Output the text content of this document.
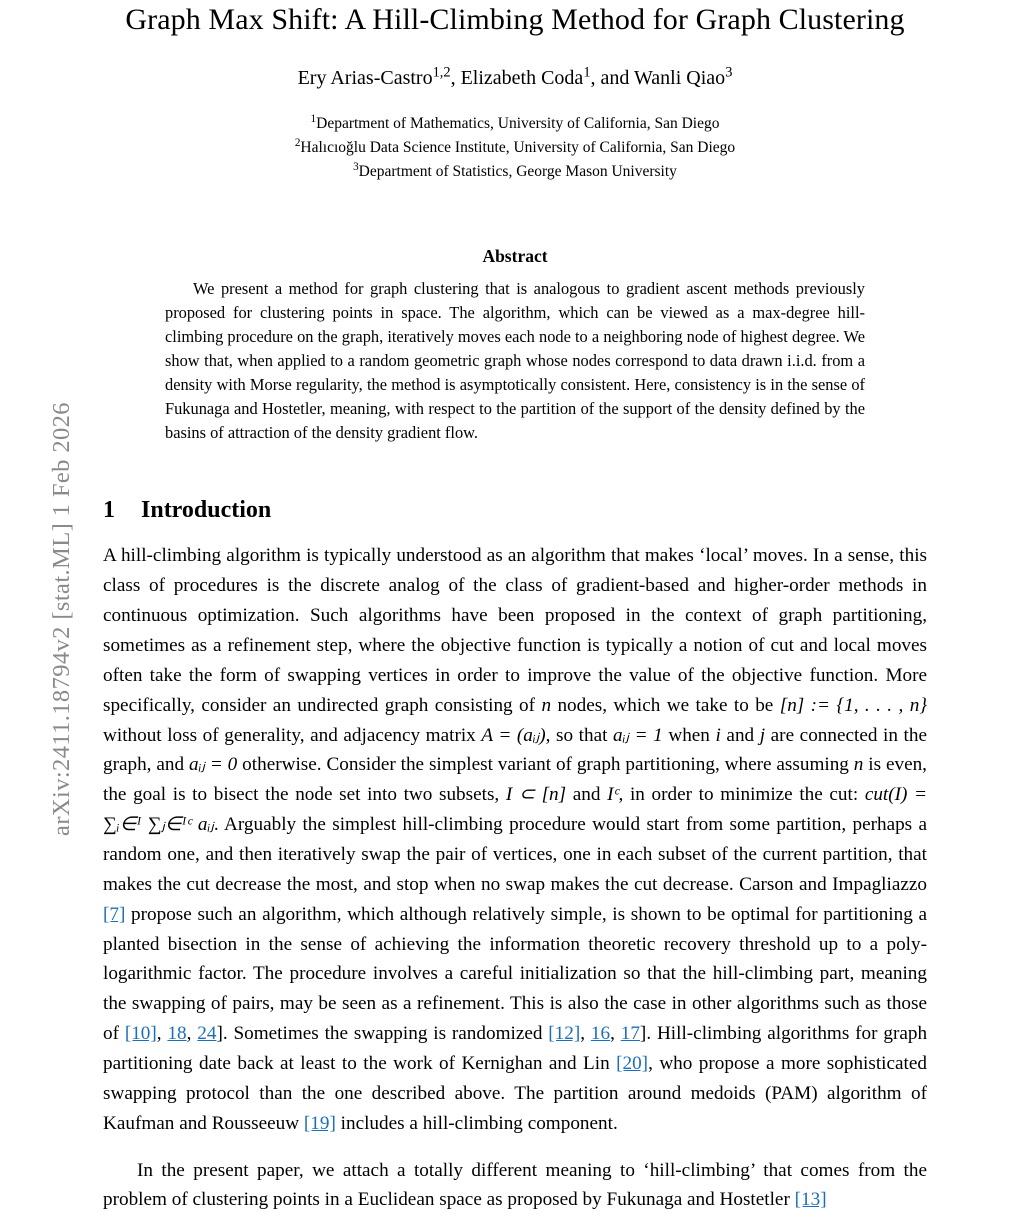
arXiv:2411.18794v2 [stat.ML] 1 Feb 2026
Graph Max Shift: A Hill-Climbing Method for Graph Clustering
Ery Arias-Castro$^{1,2}$, Elizabeth Coda$^1$, and Wanli Qiao$^3$
$^1$Department of Mathematics, University of California, San Diego
$^2$Halıcıoğlu Data Science Institute, University of California, San Diego
$^3$Department of Statistics, George Mason University
Abstract
We present a method for graph clustering that is analogous to gradient ascent methods previously proposed for clustering points in space. The algorithm, which can be viewed as a max-degree hill-climbing procedure on the graph, iteratively moves each node to a neighboring node of highest degree. We show that, when applied to a random geometric graph whose nodes correspond to data drawn i.i.d. from a density with Morse regularity, the method is asymptotically consistent. Here, consistency is in the sense of Fukunaga and Hostetler, meaning, with respect to the partition of the support of the density defined by the basins of attraction of the density gradient flow.
1 Introduction
A hill-climbing algorithm is typically understood as an algorithm that makes ‘local’ moves. In a sense, this class of procedures is the discrete analog of the class of gradient-based and higher-order methods in continuous optimization. Such algorithms have been proposed in the context of graph partitioning, sometimes as a refinement step, where the objective function is typically a notion of cut and local moves often take the form of swapping vertices in order to improve the value of the objective function. More specifically, consider an undirected graph consisting of n nodes, which we take to be [n] := {1, . . . , n} without loss of generality, and adjacency matrix A = (aᵢⱼ), so that aᵢⱼ = 1 when i and j are connected in the graph, and aᵢⱼ = 0 otherwise. Consider the simplest variant of graph partitioning, where assuming n is even, the goal is to bisect the node set into two subsets, I ⊂ [n] and Iᶜ, in order to minimize the cut: cut(I) = ∑ᵢ∈ᴵ ∑ⱼ∈ᴵᶜ aᵢⱼ. Arguably the simplest hill-climbing procedure would start from some partition, perhaps a random one, and then iteratively swap the pair of vertices, one in each subset of the current partition, that makes the cut decrease the most, and stop when no swap makes the cut decrease. Carson and Impagliazzo [7] propose such an algorithm, which although relatively simple, is shown to be optimal for partitioning a planted bisection in the sense of achieving the information theoretic recovery threshold up to a poly-logarithmic factor. The procedure involves a careful initialization so that the hill-climbing part, meaning the swapping of pairs, may be seen as a refinement. This is also the case in other algorithms such as those of [10], 18, 24]. Sometimes the swapping is randomized [12], 16, 17]. Hill-climbing algorithms for graph partitioning date back at least to the work of Kernighan and Lin [20], who propose a more sophisticated swapping protocol than the one described above. The partition around medoids (PAM) algorithm of Kaufman and Rousseeuw [19] includes a hill-climbing component.
In the present paper, we attach a totally different meaning to ‘hill-climbing’ that comes from the problem of clustering points in a Euclidean space as proposed by Fukunaga and Hostetler [13]
